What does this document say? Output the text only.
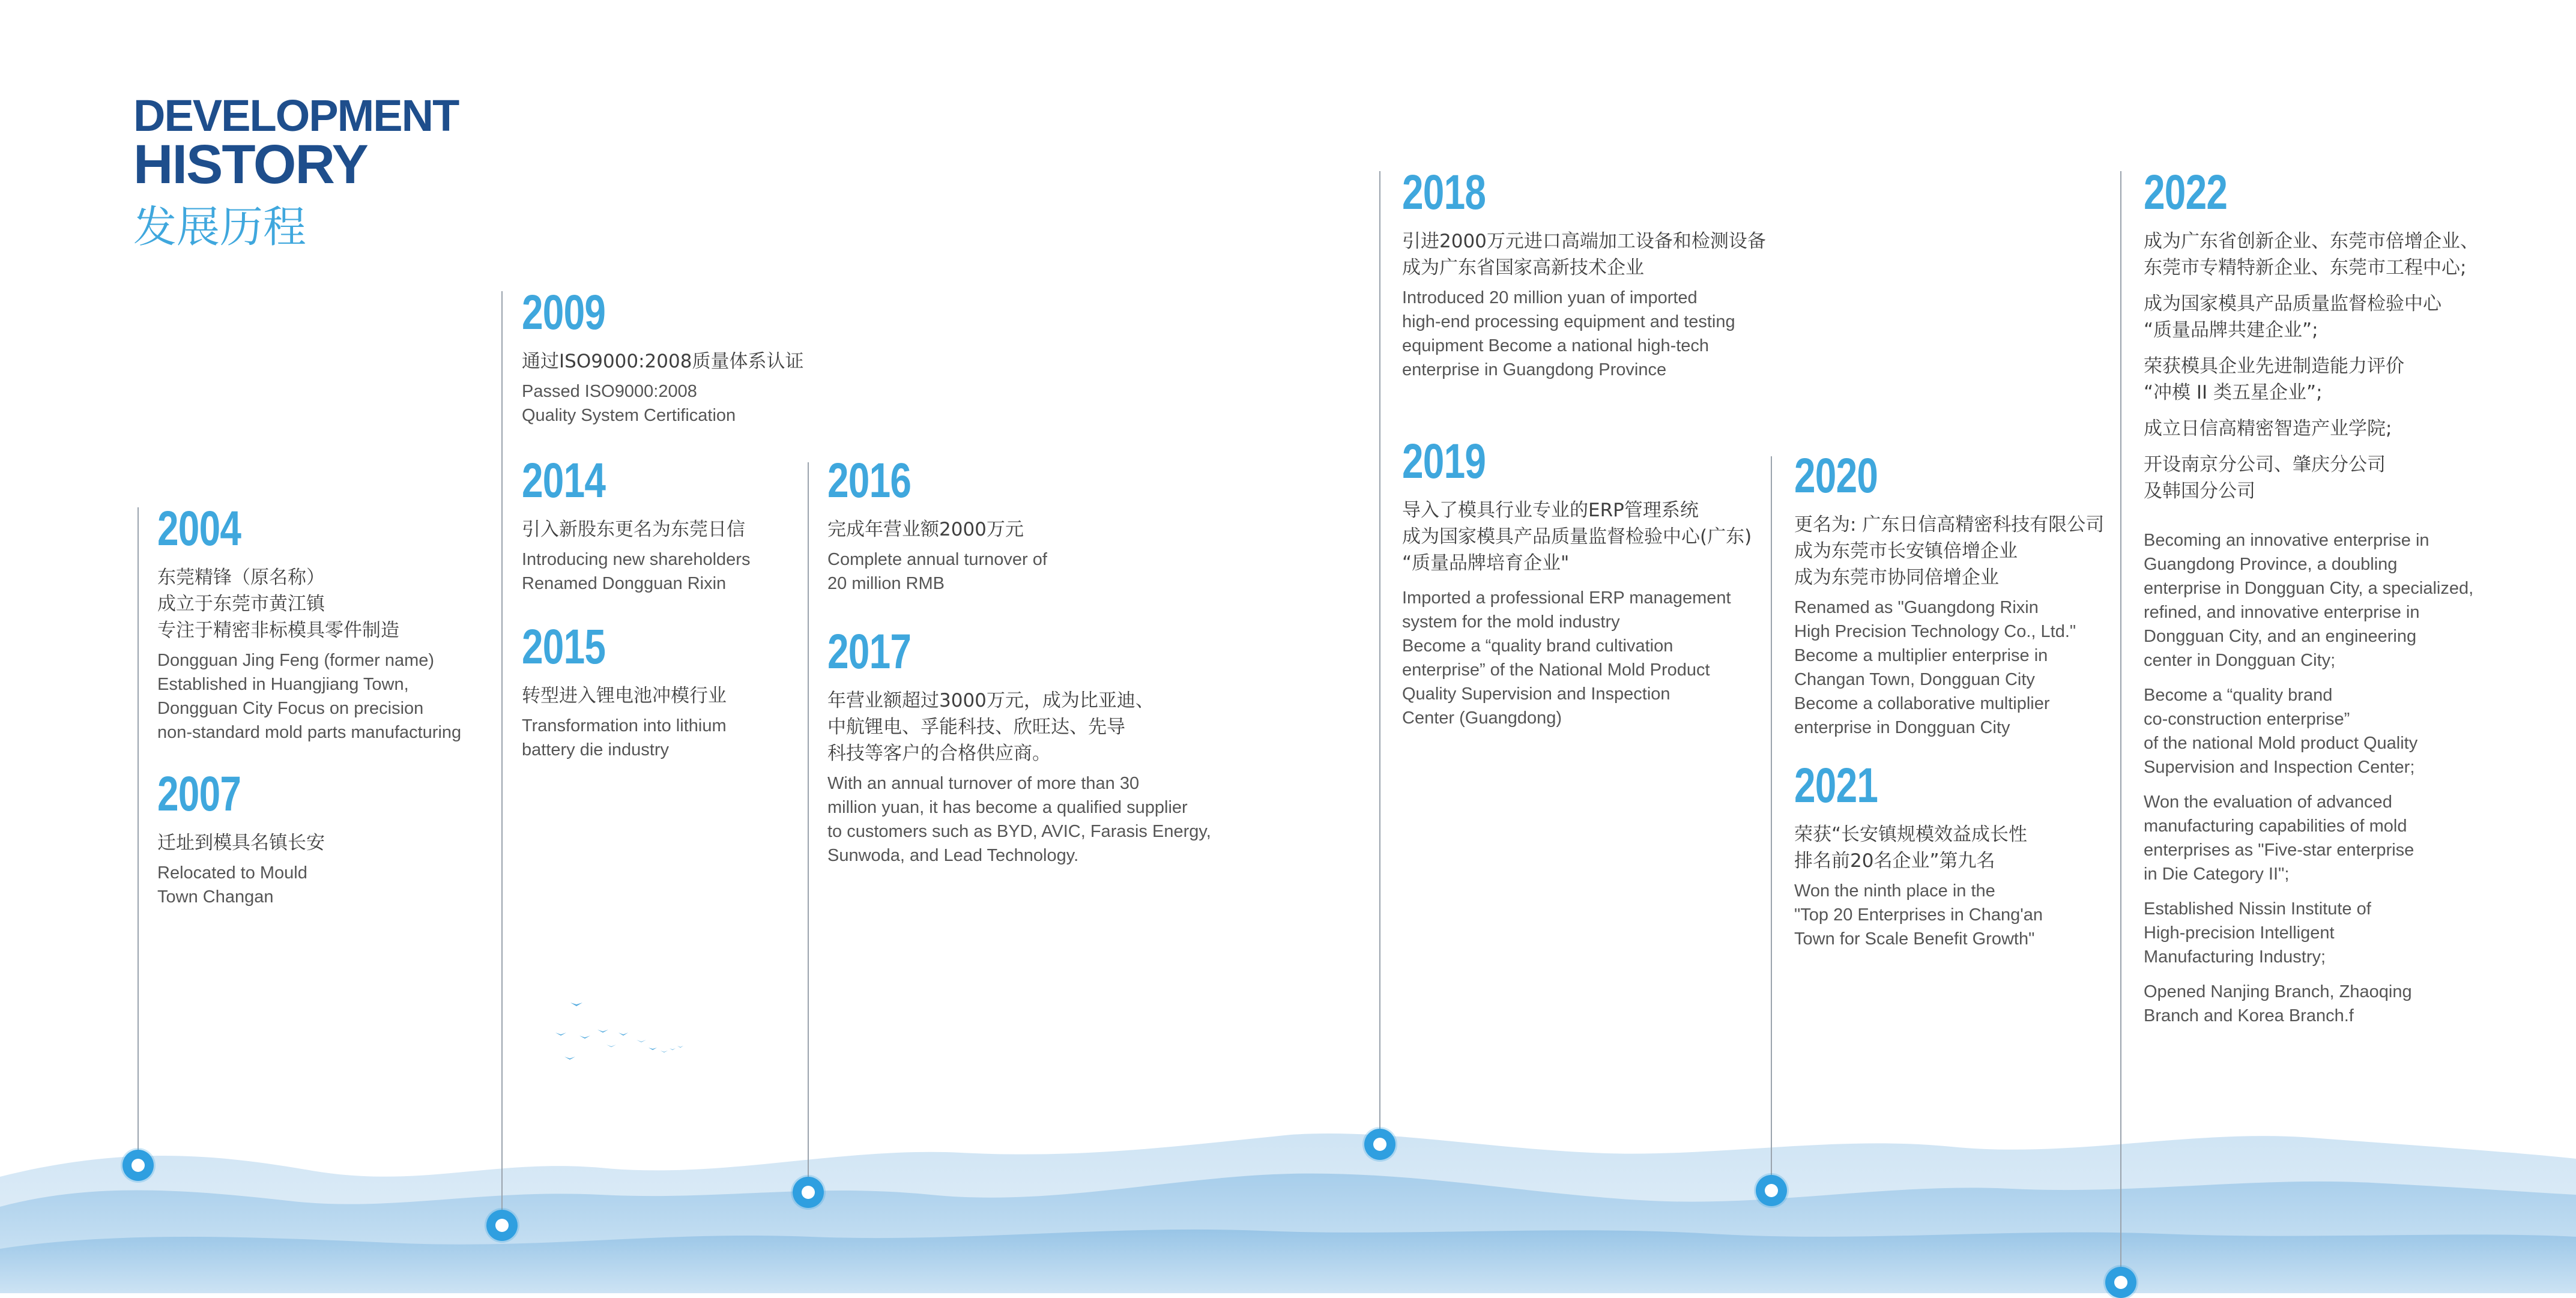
DEVELOPMENT
HISTORY
发展历程
2004

东莞精锋（原名称）
成立于东莞市黄江镇
专注于精密非标模具零件制造

Dongguan Jing Feng (former name)
Established in Huangjiang Town,
Dongguan City Focus on precision
non-standard mold parts manufacturing

2007

迁址到模具名镇长安

Relocated to Mould
Town Changan

2009

通过ISO9000:2008质量体系认证

Passed ISO9000:2008
Quality System Certification

2014

引入新股东更名为东莞日信

Introducing new shareholders
Renamed Dongguan Rixin

2015

转型进入锂电池冲模行业

Transformation into lithium
battery die industry

2016

完成年营业额2000万元

Complete annual turnover of
20 million RMB

2017

年营业额超过3000万元，成为比亚迪、
中航锂电、孚能科技、欣旺达、先导
科技等客户的合格供应商。

With an annual turnover of more than 30
million yuan, it has become a qualified supplier
to customers such as BYD, AVIC, Farasis Energy,
Sunwoda, and Lead Technology.

2018

引进2000万元进口高端加工设备和检测设备
成为广东省国家高新技术企业

Introduced 20 million yuan of imported
high-end processing equipment and testing
equipment Become a national high-tech
enterprise in Guangdong Province

2019

导入了模具行业专业的ERP管理系统
成为国家模具产品质量监督检验中心(广东)
“质量品牌培育企业"

Imported a professional ERP management
system for the mold industry
Become a “quality brand cultivation
enterprise” of the National Mold Product
Quality Supervision and Inspection
Center (Guangdong)

2020

更名为: 广东日信高精密科技有限公司
成为东莞市长安镇倍增企业
成为东莞市协同倍增企业

Renamed as "Guangdong Rixin
High Precision Technology Co., Ltd."
Become a multiplier enterprise in
Changan Town, Dongguan City
Become a collaborative multiplier
enterprise in Dongguan City

2021

荣获“长安镇规模效益成长性
排名前20名企业”第九名

Won the ninth place in the
"Top 20 Enterprises in Chang'an
Town for Scale Benefit Growth"

2022

成为广东省创新企业、东莞市倍增企业、
东莞市专精特新企业、东莞市工程中心;

成为国家模具产品质量监督检验中心
“质量品牌共建企业”;

荣获模具企业先进制造能力评价
“冲模 II 类五星企业”;

成立日信高精密智造产业学院;

开设南京分公司、肇庆分公司
及韩国分公司

Becoming an innovative enterprise in
Guangdong Province, a doubling
enterprise in Dongguan City, a specialized,
refined, and innovative enterprise in
Dongguan City, and an engineering
center in Dongguan City;

Become a “quality brand
co-construction enterprise”
of the national Mold product Quality
Supervision and Inspection Center;

Won the evaluation of advanced
manufacturing capabilities of mold
enterprises as "Five-star enterprise
in Die Category II";

Established Nissin Institute of
High-precision Intelligent
Manufacturing Industry;

Opened Nanjing Branch, Zhaoqing
Branch and Korea Branch.f
